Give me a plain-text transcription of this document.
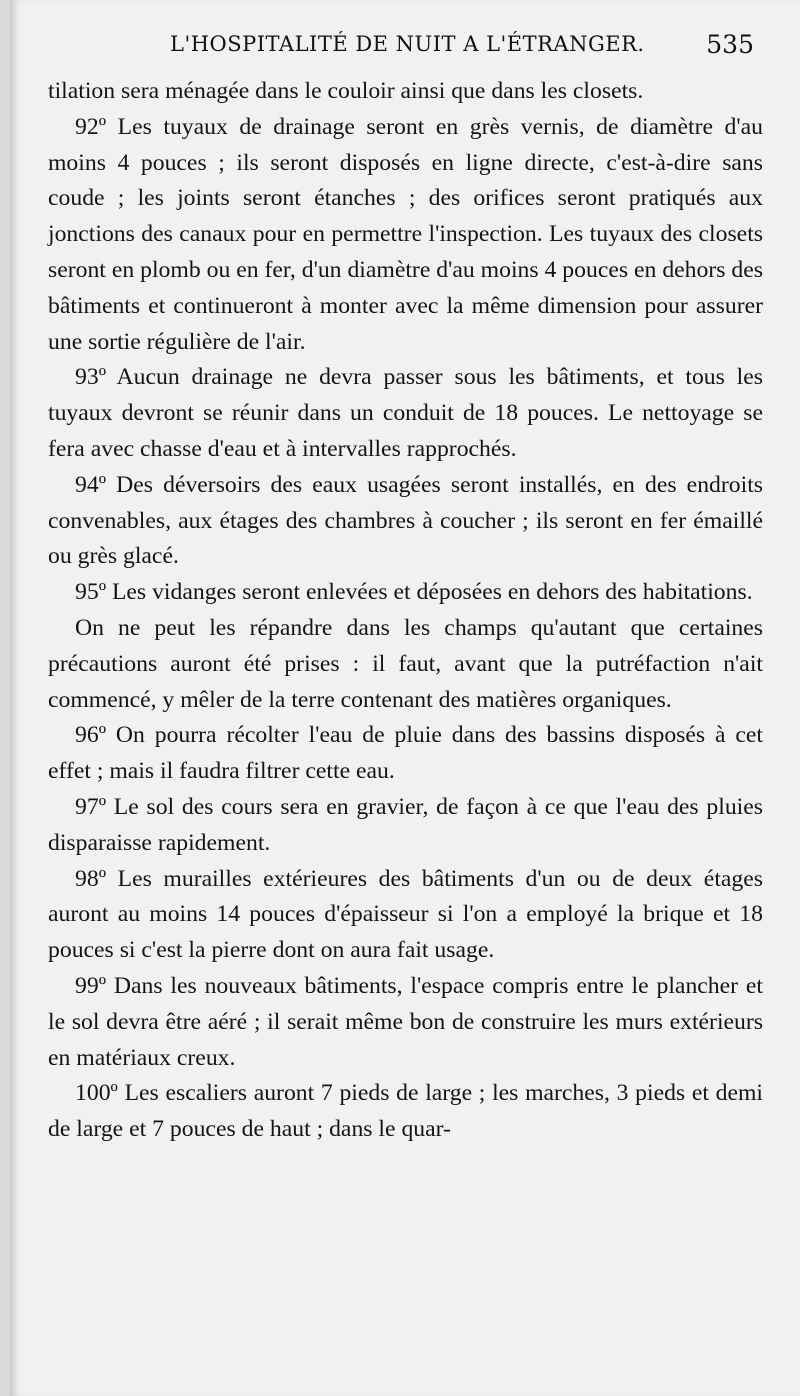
L'HOSPITALITÉ DE NUIT A L'ÉTRANGER. 535

tilation sera ménagée dans le couloir ainsi que dans les closets.

92º Les tuyaux de drainage seront en grès vernis, de diamètre d'au moins 4 pouces ; ils seront disposés en ligne directe, c'est-à-dire sans coude ; les joints seront étanches ; des orifices seront pratiqués aux jonctions des canaux pour en permettre l'inspection. Les tuyaux des closets seront en plomb ou en fer, d'un diamètre d'au moins 4 pouces en dehors des bâtiments et continueront à monter avec la même dimension pour assurer une sortie régulière de l'air.

93º Aucun drainage ne devra passer sous les bâtiments, et tous les tuyaux devront se réunir dans un conduit de 18 pouces. Le nettoyage se fera avec chasse d'eau et à intervalles rapprochés.

94º Des déversoirs des eaux usagées seront installés, en des endroits convenables, aux étages des chambres à coucher ; ils seront en fer émaillé ou grès glacé.

95º Les vidanges seront enlevées et déposées en dehors des habitations.

On ne peut les répandre dans les champs qu'autant que certaines précautions auront été prises : il faut, avant que la putréfaction n'ait commencé, y mêler de la terre contenant des matières organiques.

96º On pourra récolter l'eau de pluie dans des bassins disposés à cet effet ; mais il faudra filtrer cette eau.

97º Le sol des cours sera en gravier, de façon à ce que l'eau des pluies disparaisse rapidement.

98º Les murailles extérieures des bâtiments d'un ou de deux étages auront au moins 14 pouces d'épaisseur si l'on a employé la brique et 18 pouces si c'est la pierre dont on aura fait usage.

99º Dans les nouveaux bâtiments, l'espace compris entre le plancher et le sol devra être aéré ; il serait même bon de construire les murs extérieurs en matériaux creux.

100º Les escaliers auront 7 pieds de large ; les marches, 3 pieds et demi de large et 7 pouces de haut ; dans le quar-
